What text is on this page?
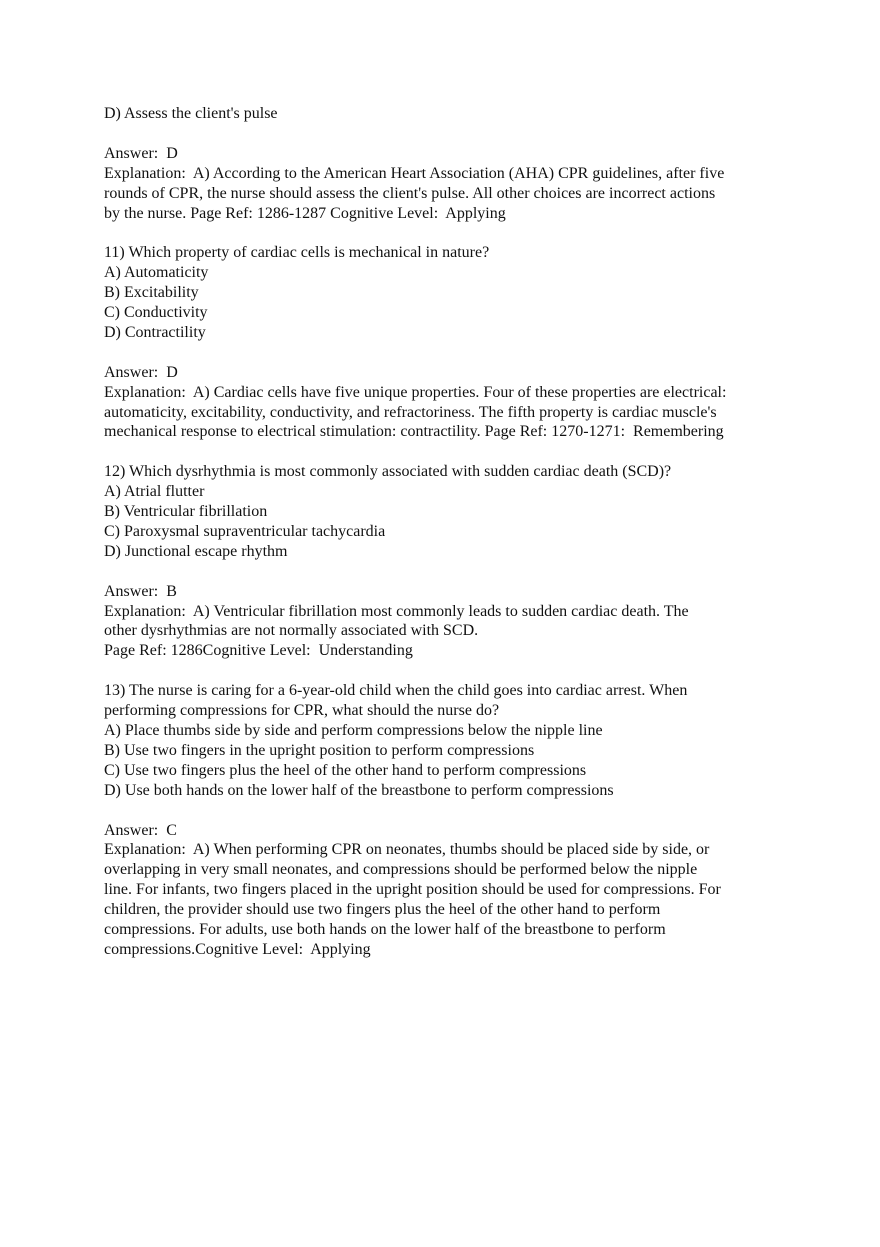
D) Assess the client's pulse
Answer:  D
Explanation:  A) According to the American Heart Association (AHA) CPR guidelines, after five
rounds of CPR, the nurse should assess the client's pulse. All other choices are incorrect actions
by the nurse. Page Ref: 1286-1287 Cognitive Level:  Applying
11) Which property of cardiac cells is mechanical in nature?
A) Automaticity
B) Excitability
C) Conductivity
D) Contractility
Answer:  D
Explanation:  A) Cardiac cells have five unique properties. Four of these properties are electrical:
automaticity, excitability, conductivity, and refractoriness. The fifth property is cardiac muscle's
mechanical response to electrical stimulation: contractility. Page Ref: 1270-1271:  Remembering
12) Which dysrhythmia is most commonly associated with sudden cardiac death (SCD)?
A) Atrial flutter
B) Ventricular fibrillation
C) Paroxysmal supraventricular tachycardia
D) Junctional escape rhythm
Answer:  B
Explanation:  A) Ventricular fibrillation most commonly leads to sudden cardiac death. The
other dysrhythmias are not normally associated with SCD.
Page Ref: 1286Cognitive Level:  Understanding
13) The nurse is caring for a 6-year-old child when the child goes into cardiac arrest. When
performing compressions for CPR, what should the nurse do?
A) Place thumbs side by side and perform compressions below the nipple line
B) Use two fingers in the upright position to perform compressions
C) Use two fingers plus the heel of the other hand to perform compressions
D) Use both hands on the lower half of the breastbone to perform compressions
Answer:  C
Explanation:  A) When performing CPR on neonates, thumbs should be placed side by side, or
overlapping in very small neonates, and compressions should be performed below the nipple
line. For infants, two fingers placed in the upright position should be used for compressions. For
children, the provider should use two fingers plus the heel of the other hand to perform
compressions. For adults, use both hands on the lower half of the breastbone to perform
compressions.Cognitive Level:  Applying
